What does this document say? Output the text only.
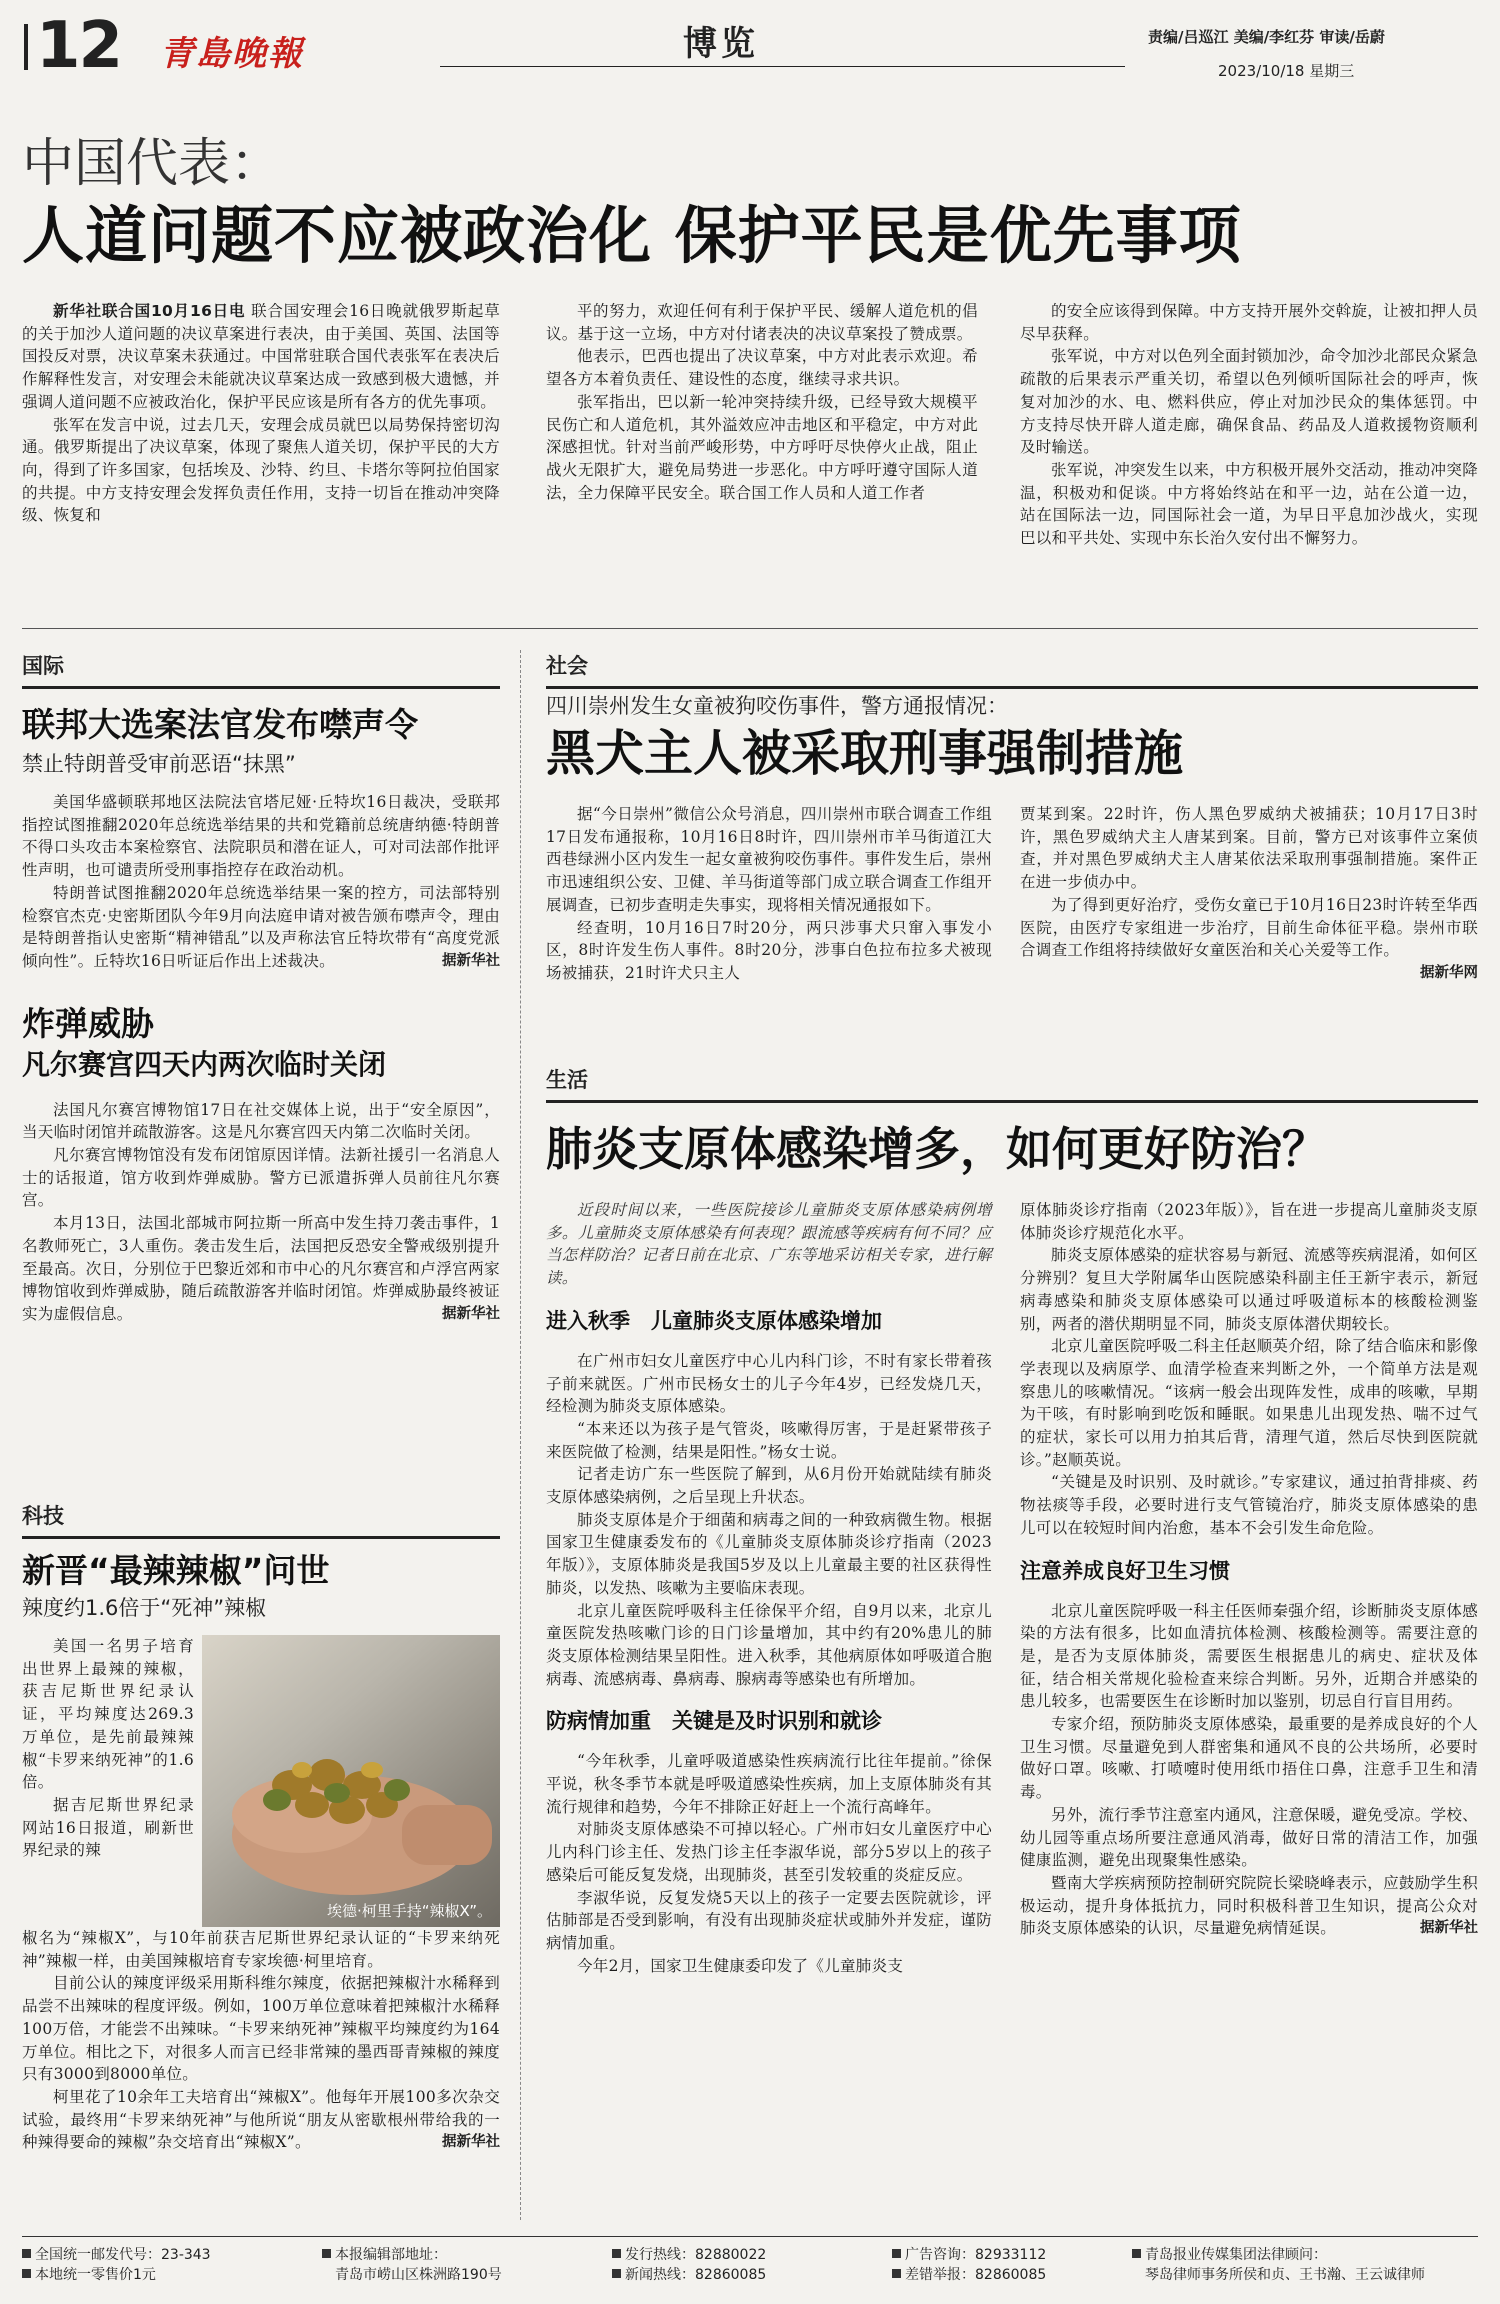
12 青島晚報	博览	责编/吕巡江 美编/李红芬 审读/岳蔚
2023/10/18 星期三
中国代表：
人道问题不应被政治化 保护平民是优先事项

新华社联合国10月16日电 联合国安理会16日晚就俄罗斯起草的关于加沙人道问题的决议草案进行表决，由于美国、英国、法国等国投反对票，决议草案未获通过。中国常驻联合国代表张军在表决后作解释性发言，对安理会未能就决议草案达成一致感到极大遗憾，并强调人道问题不应被政治化，保护平民应该是所有各方的优先事项。

张军在发言中说，过去几天，安理会成员就巴以局势保持密切沟通。俄罗斯提出了决议草案，体现了聚焦人道关切，保护平民的大方向，得到了许多国家，包括埃及、沙特、约旦、卡塔尔等阿拉伯国家的共提。中方支持安理会发挥负责任作用，支持一切旨在推动冲突降级、恢复和

平的努力，欢迎任何有利于保护平民、缓解人道危机的倡议。基于这一立场，中方对付诸表决的决议草案投了赞成票。

他表示，巴西也提出了决议草案，中方对此表示欢迎。希望各方本着负责任、建设性的态度，继续寻求共识。

张军指出，巴以新一轮冲突持续升级，已经导致大规模平民伤亡和人道危机，其外溢效应冲击地区和平稳定，中方对此深感担忧。针对当前严峻形势，中方呼吁尽快停火止战，阻止战火无限扩大，避免局势进一步恶化。中方呼吁遵守国际人道法，全力保障平民安全。联合国工作人员和人道工作者

的安全应该得到保障。中方支持开展外交斡旋，让被扣押人员尽早获释。

张军说，中方对以色列全面封锁加沙，命令加沙北部民众紧急疏散的后果表示严重关切，希望以色列倾听国际社会的呼声，恢复对加沙的水、电、燃料供应，停止对加沙民众的集体惩罚。中方支持尽快开辟人道走廊，确保食品、药品及人道救援物资顺利及时输送。

张军说，冲突发生以来，中方积极开展外交活动，推动冲突降温，积极劝和促谈。中方将始终站在和平一边，站在公道一边，站在国际法一边，同国际社会一道，为早日平息加沙战火，实现巴以和平共处、实现中东长治久安付出不懈努力。

国际
联邦大选案法官发布噤声令
禁止特朗普受审前恶语“抹黑”

美国华盛顿联邦地区法院法官塔尼娅·丘特坎16日裁决，受联邦指控试图推翻2020年总统选举结果的共和党籍前总统唐纳德·特朗普不得口头攻击本案检察官、法院职员和潜在证人，可对司法部作批评性声明，也可谴责所受刑事指控存在政治动机。

特朗普试图推翻2020年总统选举结果一案的控方，司法部特别检察官杰克·史密斯团队今年9月向法庭申请对被告颁布噤声令，理由是特朗普指认史密斯“精神错乱”以及声称法官丘特坎带有“高度党派倾向性”。丘特坎16日听证后作出上述裁决。	据新华社

炸弹威胁
凡尔赛宫四天内两次临时关闭

法国凡尔赛宫博物馆17日在社交媒体上说，出于“安全原因”，当天临时闭馆并疏散游客。这是凡尔赛宫四天内第二次临时关闭。

凡尔赛宫博物馆没有发布闭馆原因详情。法新社援引一名消息人士的话报道，馆方收到炸弹威胁。警方已派遣拆弹人员前往凡尔赛宫。

本月13日，法国北部城市阿拉斯一所高中发生持刀袭击事件，1名教师死亡，3人重伤。袭击发生后，法国把反恐安全警戒级别提升至最高。次日，分别位于巴黎近郊和市中心的凡尔赛宫和卢浮宫两家博物馆收到炸弹威胁，随后疏散游客并临时闭馆。炸弹威胁最终被证实为虚假信息。	据新华社

科技
新晋“最辣辣椒”问世
辣度约1.6倍于“死神”辣椒

美国一名男子培育出世界上最辣的辣椒，获吉尼斯世界纪录认证，平均辣度达269.3万单位，是先前最辣辣椒“卡罗来纳死神”的1.6倍。

据吉尼斯世界纪录网站16日报道，刷新世界纪录的辣

埃德·柯里手持“辣椒X”。

椒名为“辣椒X”，与10年前获吉尼斯世界纪录认证的“卡罗来纳死神”辣椒一样，由美国辣椒培育专家埃德·柯里培育。

目前公认的辣度评级采用斯科维尔辣度，依据把辣椒汁水稀释到品尝不出辣味的程度评级。例如，100万单位意味着把辣椒汁水稀释100万倍，才能尝不出辣味。“卡罗来纳死神”辣椒平均辣度约为164万单位。相比之下，对很多人而言已经非常辣的墨西哥青辣椒的辣度只有3000到8000单位。

柯里花了10余年工夫培育出“辣椒X”。他每年开展100多次杂交试验，最终用“卡罗来纳死神”与他所说“朋友从密歇根州带给我的一种辣得要命的辣椒”杂交培育出“辣椒X”。	据新华社

社会
四川崇州发生女童被狗咬伤事件，警方通报情况：
黑犬主人被采取刑事强制措施

据“今日崇州”微信公众号消息，四川崇州市联合调查工作组17日发布通报称，10月16日8时许，四川崇州市羊马街道江大西巷绿洲小区内发生一起女童被狗咬伤事件。事件发生后，崇州市迅速组织公安、卫健、羊马街道等部门成立联合调查工作组开展调查，已初步查明走失事实，现将相关情况通报如下。

经查明，10月16日7时20分，两只涉事犬只窜入事发小区，8时许发生伤人事件。8时20分，涉事白色拉布拉多犬被现场被捕获，21时许犬只主人

贾某到案。22时许，伤人黑色罗威纳犬被捕获；10月17日3时许，黑色罗威纳犬主人唐某到案。目前，警方已对该事件立案侦查，并对黑色罗威纳犬主人唐某依法采取刑事强制措施。案件正在进一步侦办中。

为了得到更好治疗，受伤女童已于10月16日23时许转至华西医院，由医疗专家组进一步治疗，目前生命体征平稳。崇州市联合调查工作组将持续做好女童医治和关心关爱等工作。
据新华网

生活
肺炎支原体感染增多，如何更好防治？

近段时间以来，一些医院接诊儿童肺炎支原体感染病例增多。儿童肺炎支原体感染有何表现？跟流感等疾病有何不同？应当怎样防治？记者日前在北京、广东等地采访相关专家，进行解读。

进入秋季　儿童肺炎支原体感染增加

在广州市妇女儿童医疗中心儿内科门诊，不时有家长带着孩子前来就医。广州市民杨女士的儿子今年4岁，已经发烧几天，经检测为肺炎支原体感染。

“本来还以为孩子是气管炎，咳嗽得厉害，于是赶紧带孩子来医院做了检测，结果是阳性。”杨女士说。

记者走访广东一些医院了解到，从6月份开始就陆续有肺炎支原体感染病例，之后呈现上升状态。

肺炎支原体是介于细菌和病毒之间的一种致病微生物。根据国家卫生健康委发布的《儿童肺炎支原体肺炎诊疗指南（2023年版）》，支原体肺炎是我国5岁及以上儿童最主要的社区获得性肺炎，以发热、咳嗽为主要临床表现。

北京儿童医院呼吸科主任徐保平介绍，自9月以来，北京儿童医院发热咳嗽门诊的日门诊量增加，其中约有20%患儿的肺炎支原体检测结果呈阳性。进入秋季，其他病原体如呼吸道合胞病毒、流感病毒、鼻病毒、腺病毒等感染也有所增加。

防病情加重　关键是及时识别和就诊

“今年秋季，儿童呼吸道感染性疾病流行比往年提前。”徐保平说，秋冬季节本就是呼吸道感染性疾病，加上支原体肺炎有其流行规律和趋势，今年不排除正好赶上一个流行高峰年。

对肺炎支原体感染不可掉以轻心。广州市妇女儿童医疗中心儿内科门诊主任、发热门诊主任李淑华说，部分5岁以上的孩子感染后可能反复发烧，出现肺炎，甚至引发较重的炎症反应。

李淑华说，反复发烧5天以上的孩子一定要去医院就诊，评估肺部是否受到影响，有没有出现肺炎症状或肺外并发症，谨防病情加重。

今年2月，国家卫生健康委印发了《儿童肺炎支

原体肺炎诊疗指南（2023年版）》，旨在进一步提高儿童肺炎支原体肺炎诊疗规范化水平。

肺炎支原体感染的症状容易与新冠、流感等疾病混淆，如何区分辨别？复旦大学附属华山医院感染科副主任王新宇表示，新冠病毒感染和肺炎支原体感染可以通过呼吸道标本的核酸检测鉴别，两者的潜伏期明显不同，肺炎支原体潜伏期较长。

北京儿童医院呼吸二科主任赵顺英介绍，除了结合临床和影像学表现以及病原学、血清学检查来判断之外，一个简单方法是观察患儿的咳嗽情况。“该病一般会出现阵发性，成串的咳嗽，早期为干咳，有时影响到吃饭和睡眠。如果患儿出现发热、喘不过气的症状，家长可以用力拍其后背，清理气道，然后尽快到医院就诊。”赵顺英说。

“关键是及时识别、及时就诊。”专家建议，通过拍背排痰、药物祛痰等手段，必要时进行支气管镜治疗，肺炎支原体感染的患儿可以在较短时间内治愈，基本不会引发生命危险。

注意养成良好卫生习惯

北京儿童医院呼吸一科主任医师秦强介绍，诊断肺炎支原体感染的方法有很多，比如血清抗体检测、核酸检测等。需要注意的是，是否为支原体肺炎，需要医生根据患儿的病史、症状及体征，结合相关常规化验检查来综合判断。另外，近期合并感染的患儿较多，也需要医生在诊断时加以鉴别，切忌自行盲目用药。

专家介绍，预防肺炎支原体感染，最重要的是养成良好的个人卫生习惯。尽量避免到人群密集和通风不良的公共场所，必要时做好口罩。咳嗽、打喷嚏时使用纸巾捂住口鼻，注意手卫生和清毒。

另外，流行季节注意室内通风，注意保暖，避免受凉。学校、幼儿园等重点场所要注意通风消毒，做好日常的清洁工作，加强健康监测，避免出现聚集性感染。

暨南大学疾病预防控制研究院院长梁晓峰表示，应鼓励学生积极运动，提升身体抵抗力，同时积极科普卫生知识，提高公众对肺炎支原体感染的认识，尽量避免病情延误。	据新华社

全国统一邮发代号：23-343
本地统一零售价1元
本报编辑部地址：
青岛市崂山区株洲路190号
发行热线：82880022
新闻热线：82860085
广告咨询：82933112
差错举报：82860085
青岛报业传媒集团法律顾问：
琴岛律师事务所侯和贞、王书瀚、王云诚律师
